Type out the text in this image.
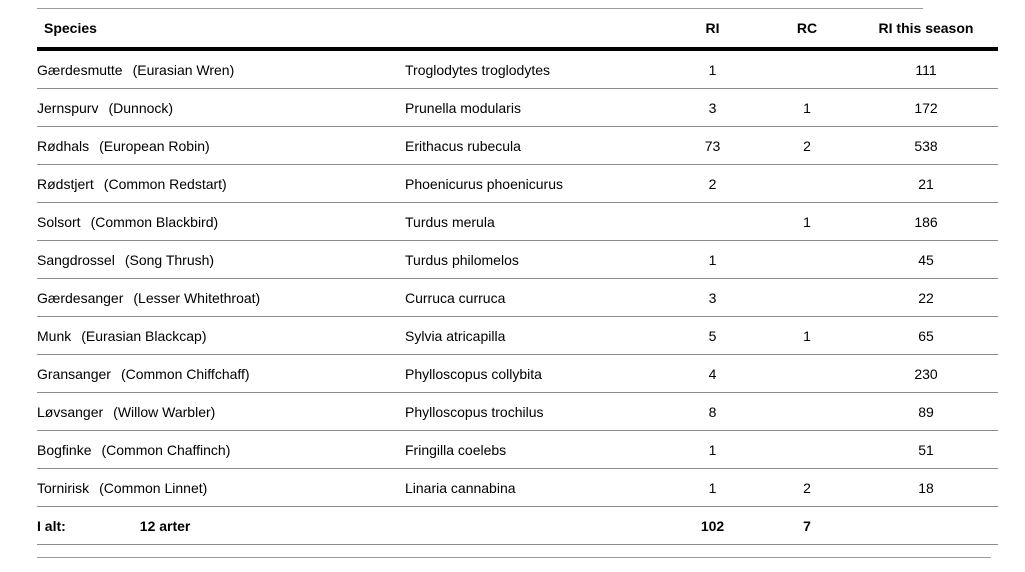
Species		RI	RC	RI this season
Gærdesmutte (Eurasian Wren)	Troglodytes troglodytes	1		111
Jernspurv (Dunnock)	Prunella modularis	3	1	172
Rødhals (European Robin)	Erithacus rubecula	73	2	538
Rødstjert (Common Redstart)	Phoenicurus phoenicurus	2		21
Solsort (Common Blackbird)	Turdus merula		1	186
Sangdrossel (Song Thrush)	Turdus philomelos	1		45
Gærdesanger (Lesser Whitethroat)	Curruca curruca	3		22
Munk (Eurasian Blackcap)	Sylvia atricapilla	5	1	65
Gransanger (Common Chiffchaff)	Phylloscopus collybita	4		230
Løvsanger (Willow Warbler)	Phylloscopus trochilus	8		89
Bogfinke (Common Chaffinch)	Fringilla coelebs	1		51
Tornirisk (Common Linnet)	Linaria cannabina	1	2	18
I alt: 12 arter		102	7	
